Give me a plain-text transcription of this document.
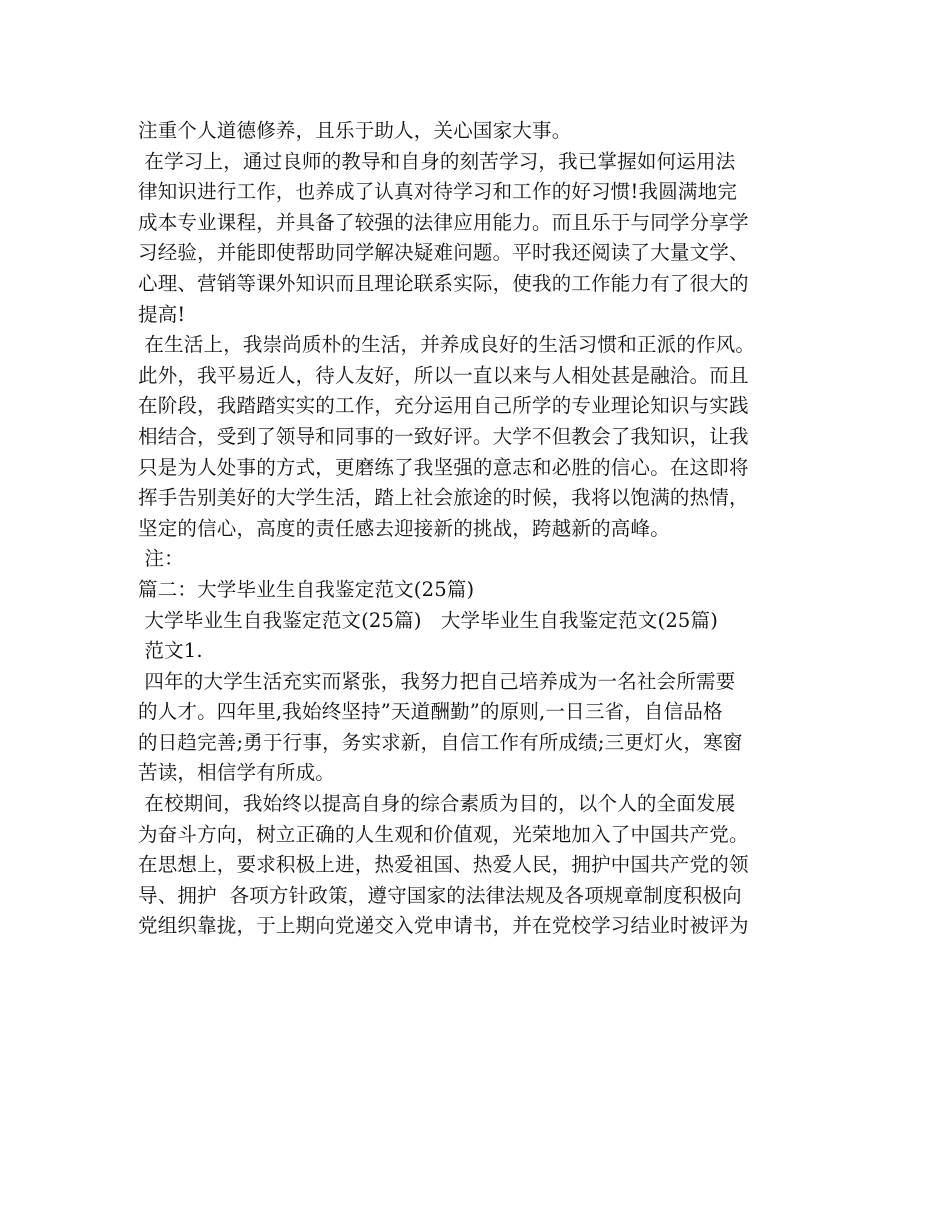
注重个人道德修养，且乐于助人，关心国家大事。
在学习上，通过良师的教导和自身的刻苦学习，我已掌握如何运用法
律知识进行工作，也养成了认真对待学习和工作的好习惯!我圆满地完
成本专业课程，并具备了较强的法律应用能力。而且乐于与同学分享学
习经验，并能即使帮助同学解决疑难问题。平时我还阅读了大量文学、
心理、营销等课外知识而且理论联系实际，使我的工作能力有了很大的
提高!
在生活上，我崇尚质朴的生活，并养成良好的生活习惯和正派的作风。
此外，我平易近人，待人友好，所以一直以来与人相处甚是融洽。而且
在阶段，我踏踏实实的工作，充分运用自己所学的专业理论知识与实践
相结合，受到了领导和同事的一致好评。大学不但教会了我知识，让我
只是为人处事的方式，更磨练了我坚强的意志和必胜的信心。在这即将
挥手告别美好的大学生活，踏上社会旅途的时候，我将以饱满的热情，
坚定的信心，高度的责任感去迎接新的挑战，跨越新的高峰。
注：
篇二：大学毕业生自我鉴定范文(25篇)
大学毕业生自我鉴定范文(25篇)   大学毕业生自我鉴定范文(25篇)
范文1.
四年的大学生活充实而紧张，我努力把自己培养成为一名社会所需要
的人才。四年里,我始终坚持”天道酬勤”的原则,一日三省，自信品格
的日趋完善;勇于行事，务实求新，自信工作有所成绩;三更灯火，寒窗
苦读，相信学有所成。
在校期间，我始终以提高自身的综合素质为目的，以个人的全面发展
为奋斗方向，树立正确的人生观和价值观，光荣地加入了中国共产党。
在思想上，要求积极上进，热爱祖国、热爱人民，拥护中国共产党的领
导、拥护  各项方针政策，遵守国家的法律法规及各项规章制度积极向
党组织靠拢，于上期向党递交入党申请书，并在党校学习结业时被评为
